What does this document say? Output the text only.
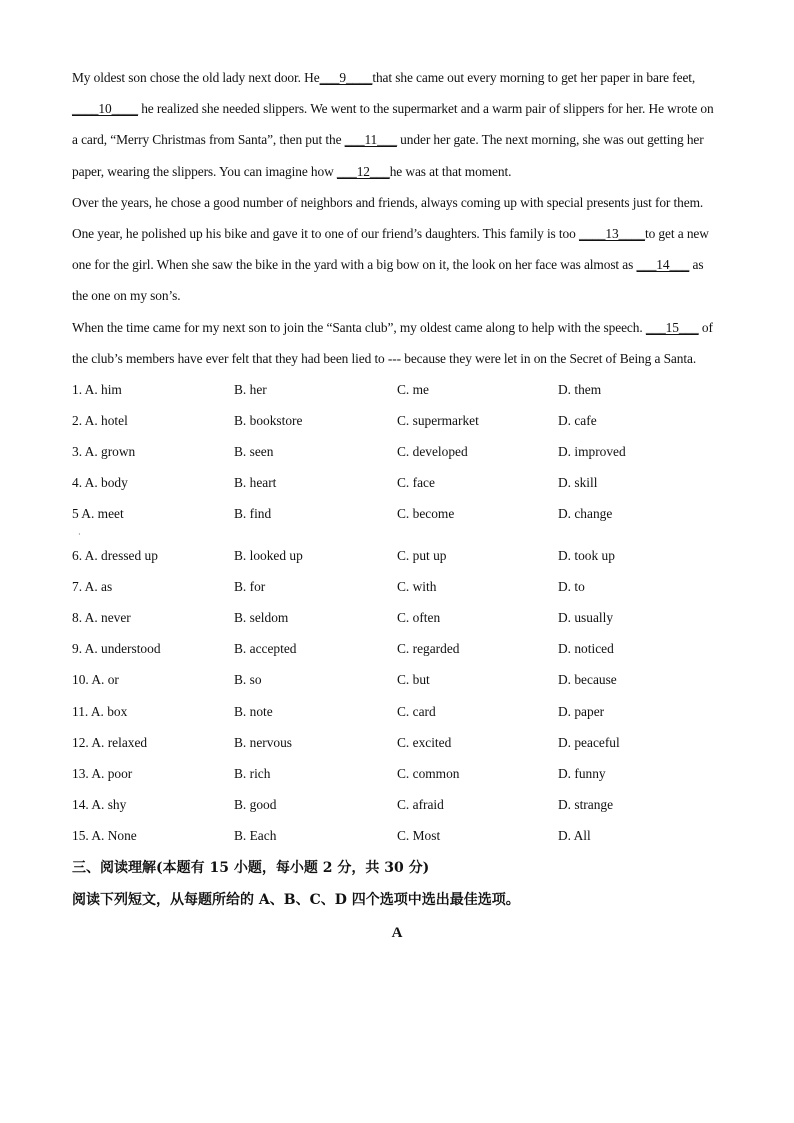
My oldest son chose the old lady next door. He___9____that she came out every morning to get her paper in bare feet, ____10____ he realized she needed slippers. We went to the supermarket and a warm pair of slippers for her. He wrote on a card, “Merry Christmas from Santa”, then put the ___11___ under her gate. The next morning, she was out getting her paper, wearing the slippers. You can imagine how ___12___he was at that moment.

Over the years, he chose a good number of neighbors and friends, always coming up with special presents just for them. One year, he polished up his bike and gave it to one of our friend’s daughters. This family is too ____13____to get a new one for the girl. When she saw the bike in the yard with a big bow on it, the look on her face was almost as ___14___ as the one on my son’s.

When the time came for my next son to join the “Santa club”, my oldest came along to help with the speech. ___15___ of the club’s members have ever felt that they had been lied to --- because they were let in on the Secret of Being a Santa.

1. A. him	B. her	C. me	D. them
2. A. hotel	B. bookstore	C. supermarket	D. cafe
3. A. grown	B. seen	C. developed	D. improved
4. A. body	B. heart	C. face	D. skill
5 A. meet	B. find	C. become	D. change
·
6. A. dressed up	B. looked up	C. put up	D. took up
7. A. as	B. for	C. with	D. to
8. A. never	B. seldom	C. often	D. usually
9. A. understood	B. accepted	C. regarded	D. noticed
10. A. or	B. so	C. but	D. because
11. A. box	B. note	C. card	D. paper
12. A. relaxed	B. nervous	C. excited	D. peaceful
13. A. poor	B. rich	C. common	D. funny
14. A. shy	B. good	C. afraid	D. strange
15. A. None	B. Each	C. Most	D. All
三、阅读理解(本题有 15 小题，每小题 2 分，共 30 分)
阅读下列短文，从每题所给的 A、B、C、D 四个选项中选出最佳选项。
A
